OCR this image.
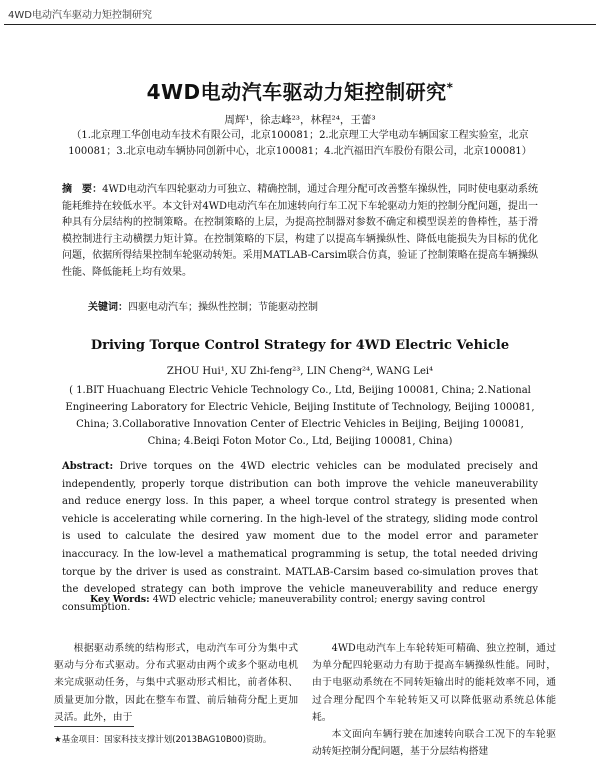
4WD电动汽车驱动力矩控制研究
4WD电动汽车驱动力矩控制研究*
周辉¹，徐志峰²³，林程²⁴，王蕾³
（1.北京理工华创电动车技术有限公司，北京100081；2.北京理工大学电动车辆国家工程实验室，北京100081；3.北京电动车辆协同创新中心，北京100081；4.北汽福田汽车股份有限公司，北京100081）
摘　要：4WD电动汽车四轮驱动力可独立、精确控制，通过合理分配可改善整车操纵性，同时使电驱动系统能耗维持在较低水平。本文针对4WD电动汽车在加速转向行车工况下车轮驱动力矩的控制分配问题，提出一种具有分层结构的控制策略。在控制策略的上层，为提高控制器对参数不确定和模型误差的鲁棒性，基于滑模控制进行主动横摆力矩计算。在控制策略的下层，构建了以提高车辆操纵性、降低电能损失为目标的优化问题，依据所得结果控制车轮驱动转矩。采用MATLAB-Carsim联合仿真，验证了控制策略在提高车辆操纵性能、降低能耗上均有效果。
关键词：四驱电动汽车；操纵性控制；节能驱动控制
Driving Torque Control Strategy for 4WD Electric Vehicle
ZHOU Hui¹, XU Zhi-feng²³, LIN Cheng²⁴, WANG Lei⁴
( 1.BIT Huachuang Electric Vehicle Technology Co., Ltd, Beijing 100081, China; 2.National Engineering Laboratory for Electric Vehicle, Beijing Institute of Technology, Beijing 100081, China; 3.Collaborative Innovation Center of Electric Vehicles in Beijing, Beijing 100081, China; 4.Beiqi Foton Motor Co., Ltd, Beijing 100081, China)
Abstract: Drive torques on the 4WD electric vehicles can be modulated precisely and independently, properly torque distribution can both improve the vehicle maneuverability and reduce energy loss. In this paper, a wheel torque control strategy is presented when vehicle is accelerating while cornering. In the high-level of the strategy, sliding mode control is used to calculate the desired yaw moment due to the model error and parameter inaccuracy. In the low-level a mathematical programming is setup, the total needed driving torque by the driver is used as constraint. MATLAB-Carsim based co-simulation proves that the developed strategy can both improve the vehicle maneuverability and reduce energy consumption.
Key Words: 4WD electric vehicle; maneuverability control; energy saving control
根据驱动系统的结构形式，电动汽车可分为集中式驱动与分布式驱动。分布式驱动由两个或多个驱动电机来完成驱动任务，与集中式驱动形式相比，前者体积、质量更加分散，因此在整车布置、前后轴荷分配上更加灵活。此外，由于
4WD电动汽车上车轮转矩可精确、独立控制，通过为单分配四轮驱动力有助于提高车辆操纵性能。同时，由于电驱动系统在不同转矩输出时的能耗效率不同，通过合理分配四个车轮转矩又可以降低驱动系统总体能耗。
本文面向车辆行驶在加速转向联合工况下的车轮驱动转矩控制分配问题，基于分层结构搭建
★基金项目：国家科技支撑计划(2013BAG10B00)资助。
